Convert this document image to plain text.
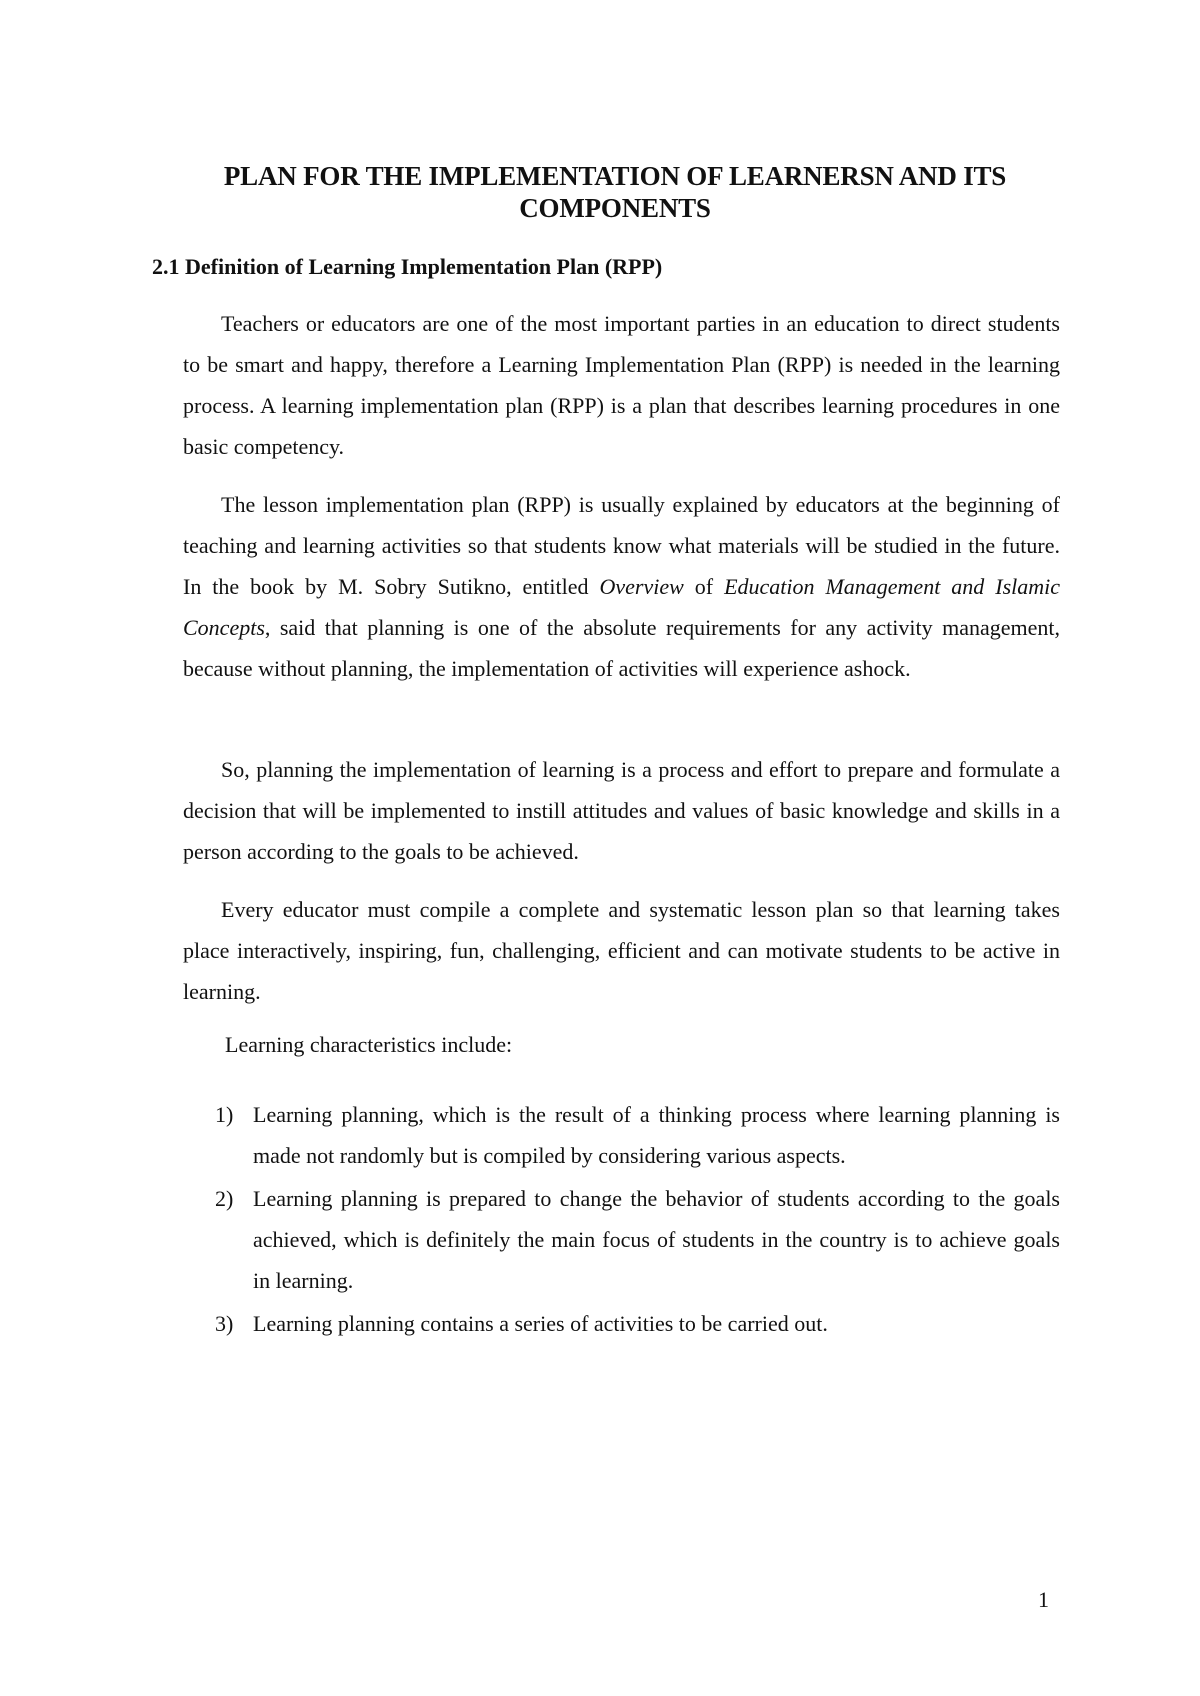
PLAN FOR THE IMPLEMENTATION OF LEARNERSN AND ITS COMPONENTS
2.1 Definition of Learning Implementation Plan (RPP)

Teachers or educators are one of the most important parties in an education to direct students to be smart and happy, therefore a Learning Implementation Plan (RPP) is needed in the learning process. A learning implementation plan (RPP) is a plan that describes learning procedures in one basic competency.

The lesson implementation plan (RPP) is usually explained by educators at the beginning of teaching and learning activities so that students know what materials will be studied in the future. In the book by M. Sobry Sutikno, entitled Overview of Education Management and Islamic Concepts, said that planning is one of the absolute requirements for any activity management, because without planning, the implementation of activities will experience ashock.

So, planning the implementation of learning is a process and effort to prepare and formulate a decision that will be implemented to instill attitudes and values of basic knowledge and skills in a person according to the goals to be achieved.

Every educator must compile a complete and systematic lesson plan so that learning takes place interactively, inspiring, fun, challenging, efficient and can motivate students to be active in learning.

Learning characteristics include:
1) Learning planning, which is the result of a thinking process where learning planning is made not randomly but is compiled by considering various aspects.
2) Learning planning is prepared to change the behavior of students according to the goals achieved, which is definitely the main focus of students in the country is to achieve goals in learning.
3) Learning planning contains a series of activities to be carried out.
1
